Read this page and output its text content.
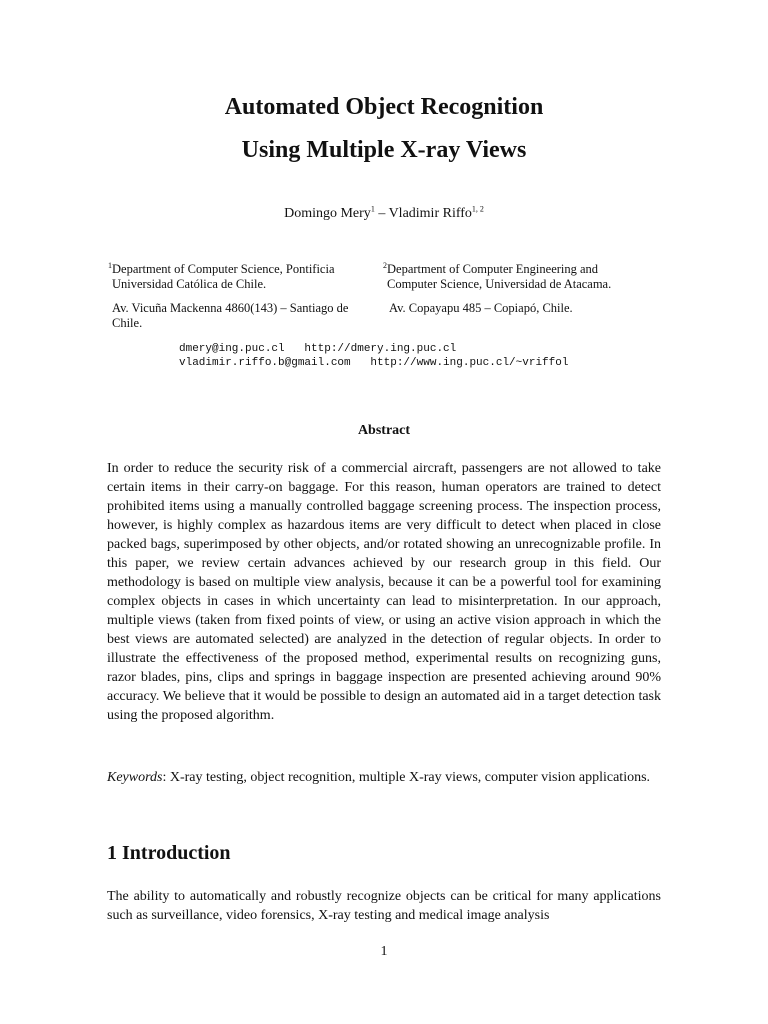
Automated Object Recognition
Using Multiple X-ray Views
Domingo Mery$^1$ – Vladimir Riffo$^{1, 2}$
$^1$Department of Computer Science, Pontificia
Universidad Católica de Chile.
$^2$Department of Computer Engineering and
Computer Science, Universidad de Atacama.
Av. Vicuña Mackenna 4860(143) – Santiago de Chile.
Av. Copayapu 485 – Copiapó, Chile.
dmery@ing.puc.cl   http://dmery.ing.puc.cl
vladimir.riffo.b@gmail.com   http://www.ing.puc.cl/~vriffol
Abstract
In order to reduce the security risk of a commercial aircraft, passengers are not allowed to take certain items in their carry-on baggage. For this reason, human operators are trained to detect prohibited items using a manually controlled baggage screening process. The inspection process, however, is highly complex as hazardous items are very difficult to detect when placed in close packed bags, superimposed by other objects, and/or rotated showing an unrecognizable profile. In this paper, we review certain advances achieved by our research group in this field. Our methodology is based on multiple view analysis, because it can be a powerful tool for examining complex objects in cases in which uncertainty can lead to misinterpretation. In our approach, multiple views (taken from fixed points of view, or using an active vision approach in which the best views are automated selected) are analyzed in the detection of regular objects. In order to illustrate the effectiveness of the proposed method, experimental results on recognizing guns, razor blades, pins, clips and springs in baggage inspection are presented achieving around 90% accuracy. We believe that it would be possible to design an automated aid in a target detection task using the proposed algorithm.
Keywords: X-ray testing, object recognition, multiple X-ray views, computer vision applications.
1 Introduction
The ability to automatically and robustly recognize objects can be critical for many applications such as surveillance, video forensics, X-ray testing and medical image analysis
1
